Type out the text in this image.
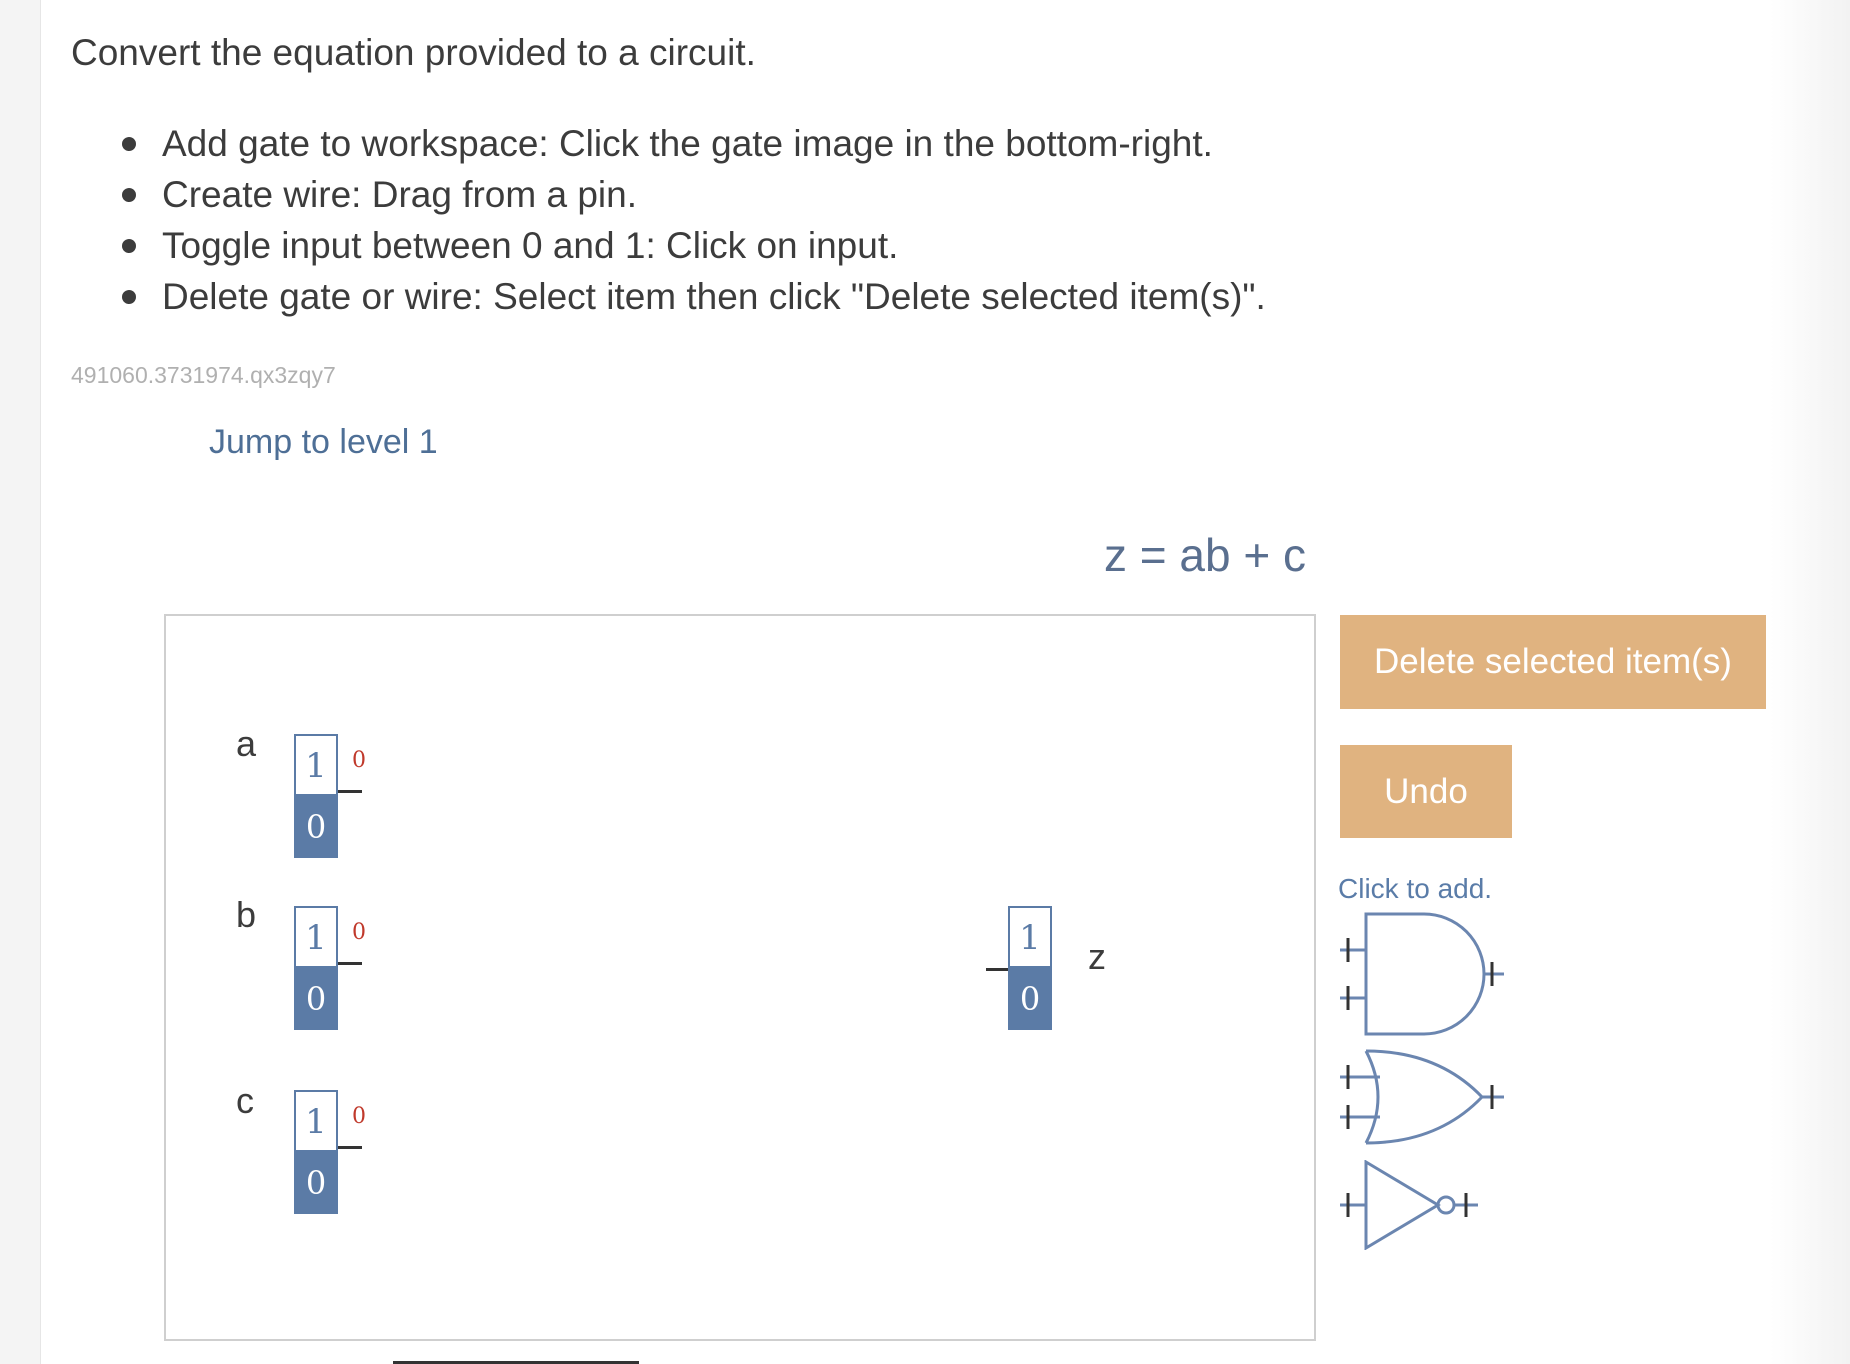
Convert the equation provided to a circuit.
Add gate to workspace: Click the gate image in the bottom-right.
Create wire: Drag from a pin.
Toggle input between 0 and 1: Click on input.
Delete gate or wire: Select item then click "Delete selected item(s)".
491060.3731974.qx3zqy7
Jump to level 1
z = ab + c
a
1
0
0
b
1
0
0
c
1
0
0
1
0
z
Delete selected item(s)
Undo
Click to add.
